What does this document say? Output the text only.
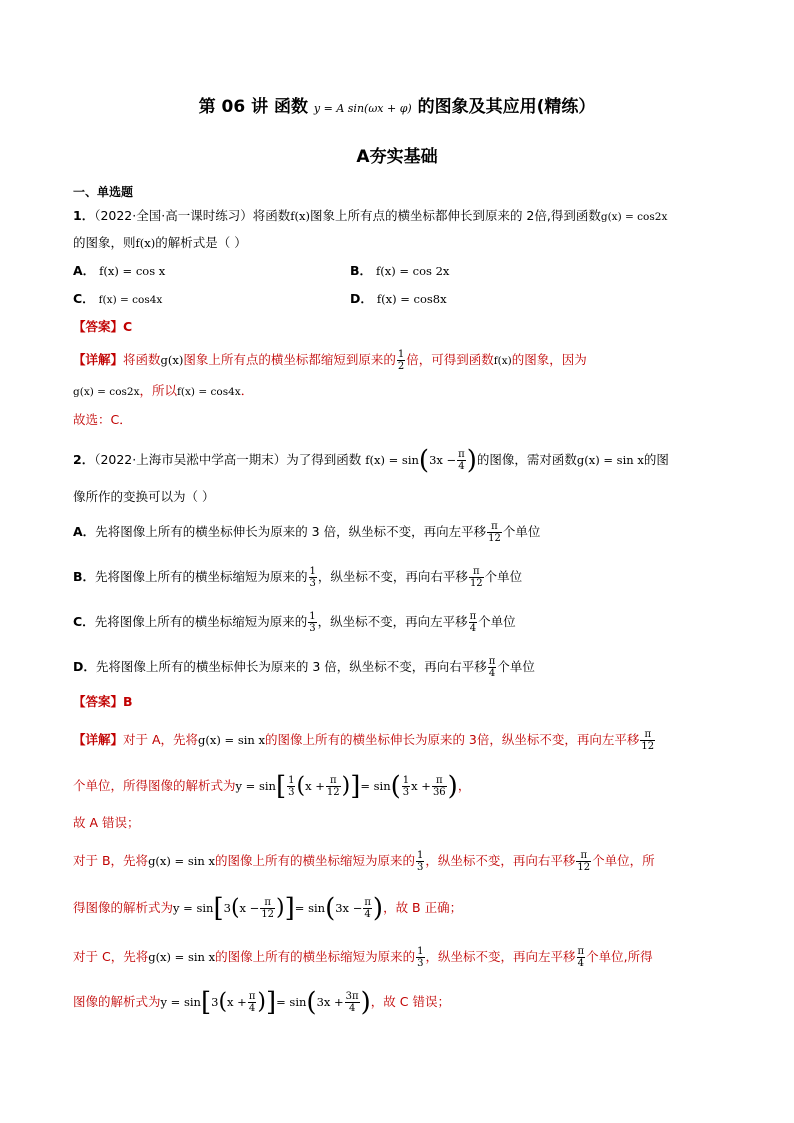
第 06 讲 函数 y = A sin(ωx + φ) 的图象及其应用(精练）
A夯实基础
一、单选题
1．（2022·全国·高一课时练习）将函数f(x)图象上所有点的横坐标都伸长到原来的 2倍,得到函数g(x) = cos2x
的图象，则f(x)的解析式是（ ）
A． f(x) = cos x	B． f(x) = cos 2x
C． f(x) = cos4x	D． f(x) = cos8x
【答案】C
【详解】将函数g(x)图象上所有点的横坐标都缩短到原来的 $\frac{1}{2}$ 倍，可得到函数f(x)的图象，因为
g(x) = cos2x，所以f(x) = cos4x．
故选：C．
2．（2022·上海市吴淞中学高一期末）为了得到函数 $f(x) = \sin(3x - \frac{\pi}{4}$ )的图像，需对函数g(x) = sin x的图
像所作的变换可以为（ ）
A．先将图像上所有的横坐标伸长为原来的 3 倍，纵坐标不变，再向左平移 $\frac{\pi}{12}$ 个单位
B．先将图像上所有的横坐标缩短为原来的 $\frac{1}{3}$ ，纵坐标不变，再向右平移 $\frac{\pi}{12}$ 个单位
C．先将图像上所有的横坐标缩短为原来的 $\frac{1}{3}$ ，纵坐标不变，再向左平移 $\frac{\pi}{4}$ 个单位
D．先将图像上所有的横坐标伸长为原来的 3 倍，纵坐标不变，再向右平移 $\frac{\pi}{4}$ 个单位
【答案】B
【详解】对于 A，先将g(x) = sin x的图像上所有的横坐标伸长为原来的 3倍，纵坐标不变，再向左平移 $\frac{\pi}{12}$
个单位，所得图像的解析式为$y = \sin[ \frac{1}{3} (x + \frac{\pi}{12}$ )]= $\sin( \frac{1}{3}$ $x + \frac{\pi}{36}$ )，
故 A 错误；
对于 B，先将g(x) = sin x的图像上所有的横坐标缩短为原来的 $\frac{1}{3}$ ，纵坐标不变，再向右平移 $\frac{\pi}{12}$ 个单位，所
得图像的解析式为$y = \sin[3(x - \frac{\pi}{12}$ )]= $\sin(3x - \frac{\pi}{4}$ )，故 B 正确；
对于 C，先将g(x) = sin x的图像上所有的横坐标缩短为原来的 $\frac{1}{3}$ ，纵坐标不变，再向左平移 $\frac{\pi}{4}$ 个单位,所得
图像的解析式为$y = \sin[3(x + \frac{\pi}{4}$ )]= $\sin(3x + \frac{3\pi}{4}$ )，故 C 错误；
